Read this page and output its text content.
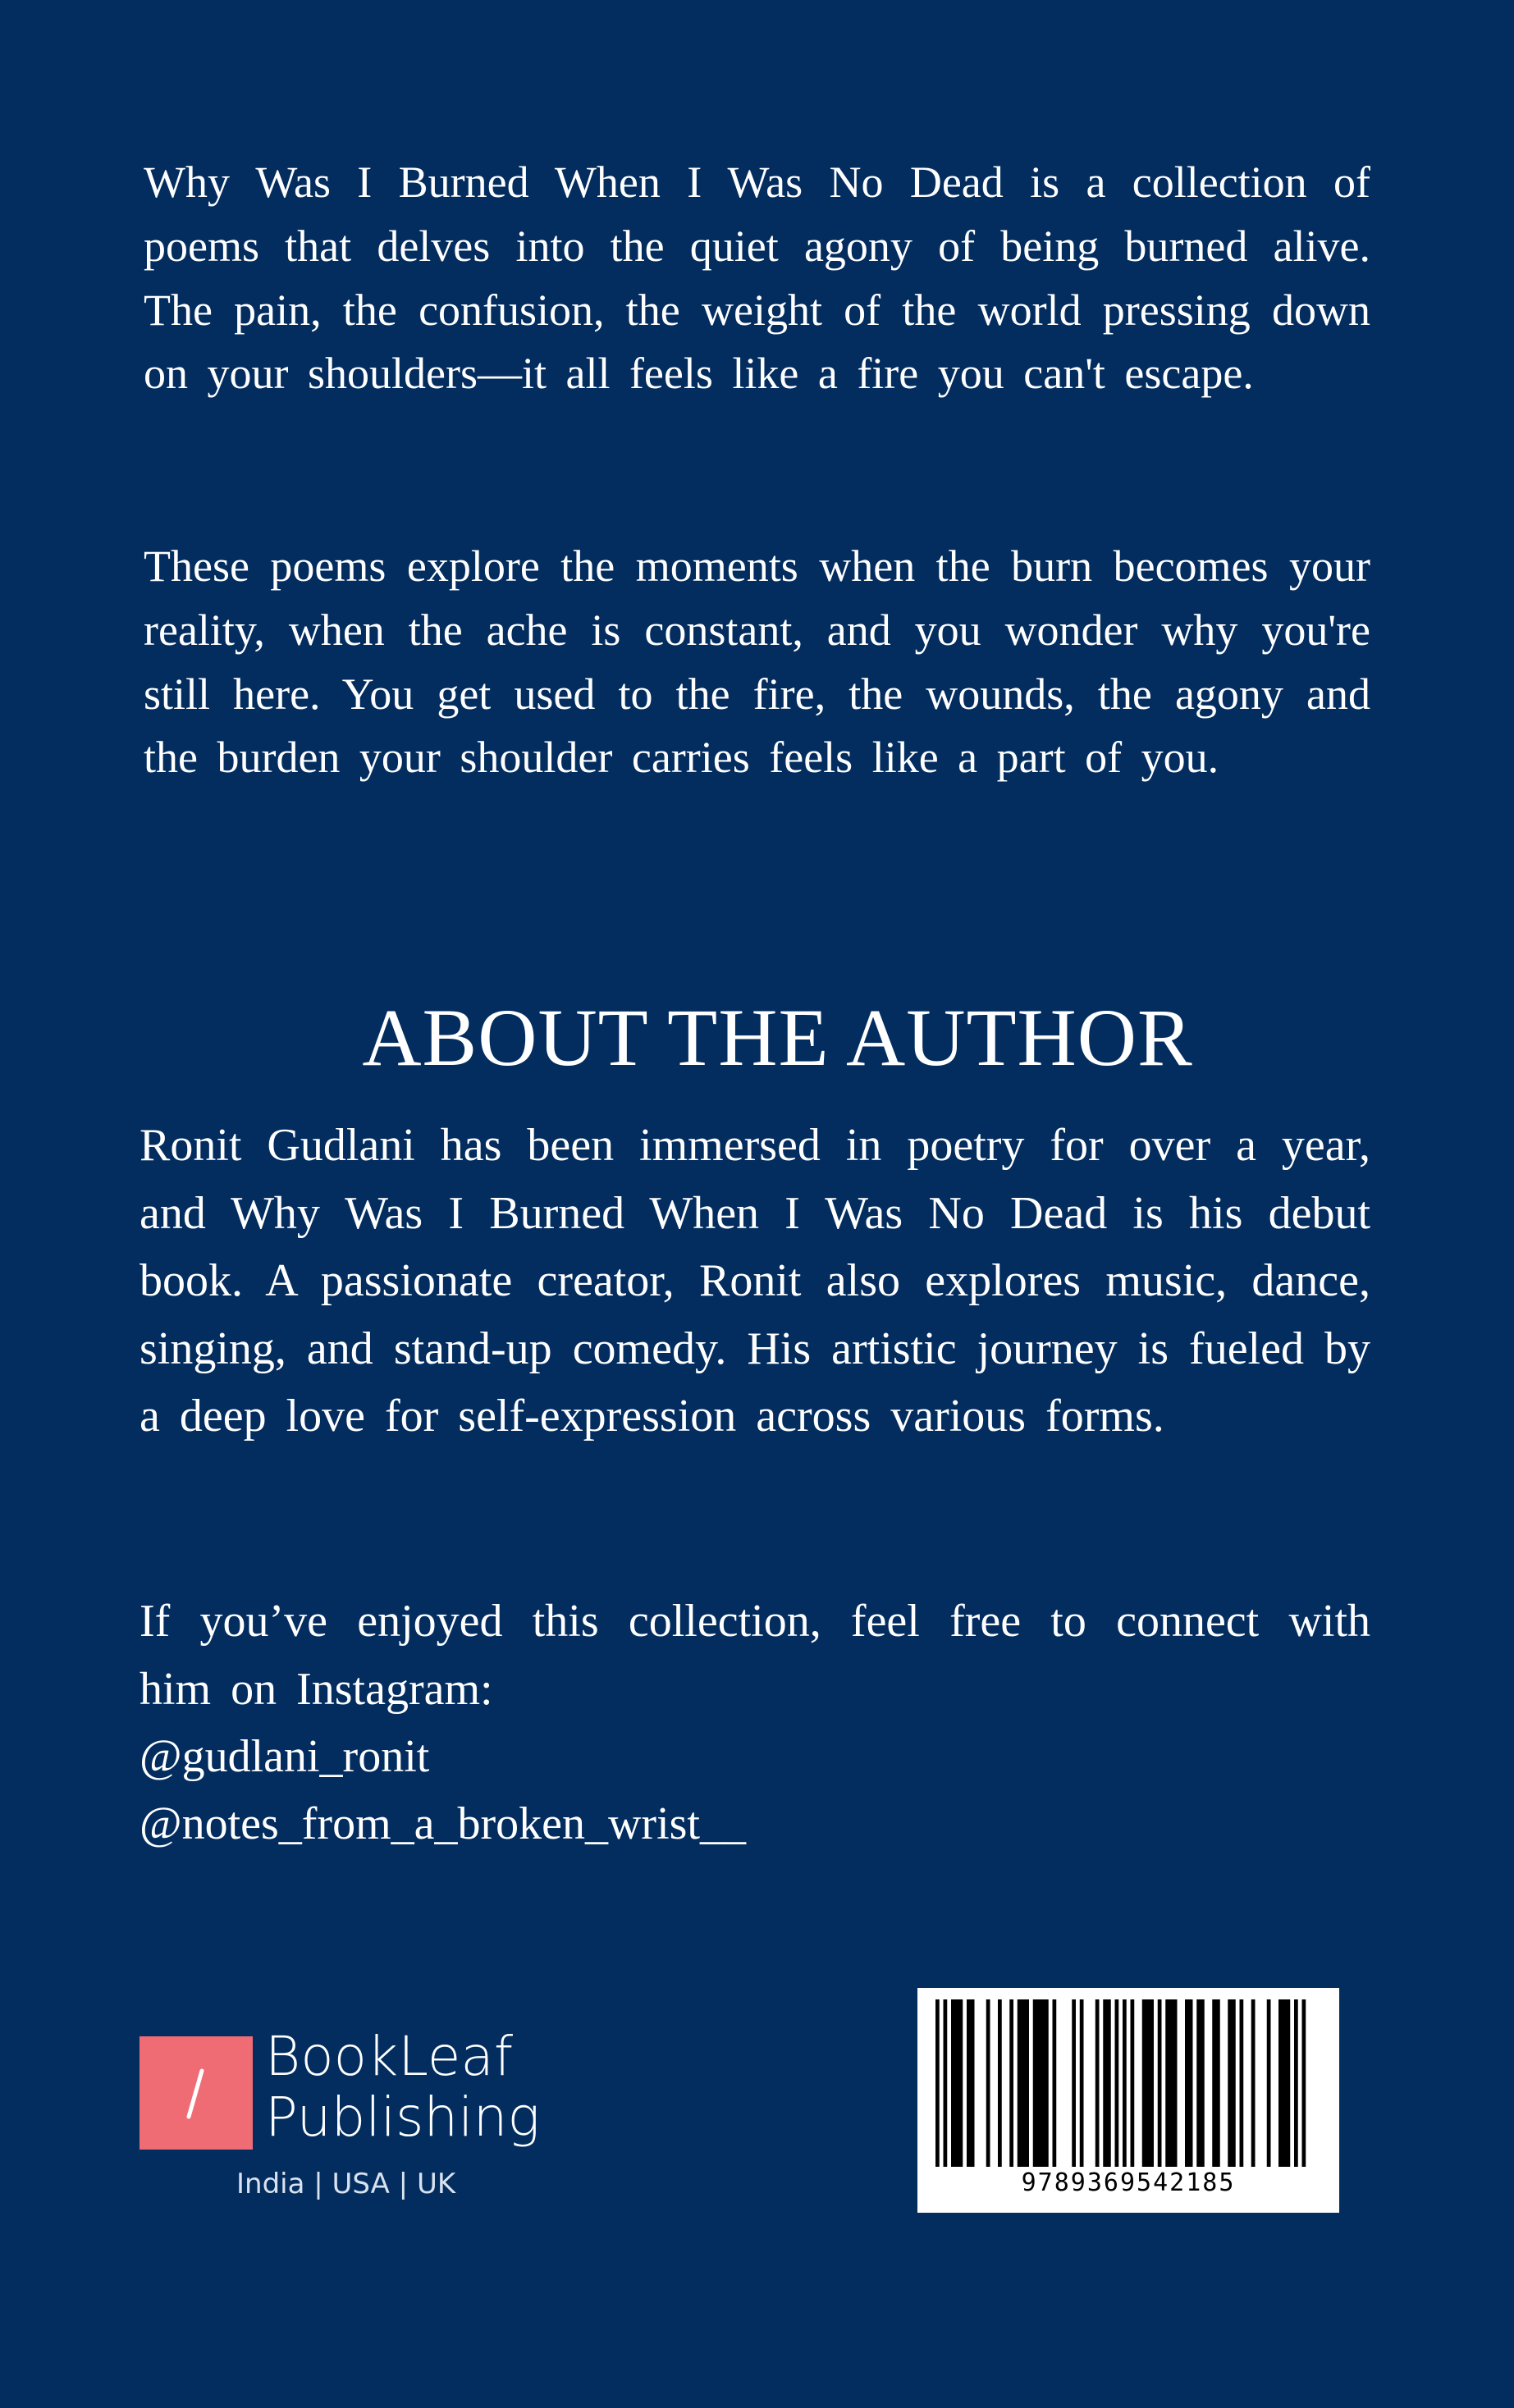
Why Was I Burned When I Was No Dead is a collection of poems that delves into the quiet agony of being burned alive. The pain, the confusion, the weight of the world pressing down on your shoulders—it all feels like a fire you can't escape.

These poems explore the moments when the burn becomes your reality, when the ache is constant, and you wonder why you're still here. You get used to the fire, the wounds, the agony and the burden your shoulder carries feels like a part of you.

ABOUT THE AUTHOR

Ronit Gudlani has been immersed in poetry for over a year, and Why Was I Burned When I Was No Dead is his debut book. A passionate creator, Ronit also explores music, dance, singing, and stand-up comedy. His artistic journey is fueled by a deep love for self-expression across various forms.

If you’ve enjoyed this collection, feel free to connect with him on Instagram:

@gudlani_ronit

@notes_from_a_broken_wrist__

BookLeaf
Publishing

India | USA | UK	9789369542185
